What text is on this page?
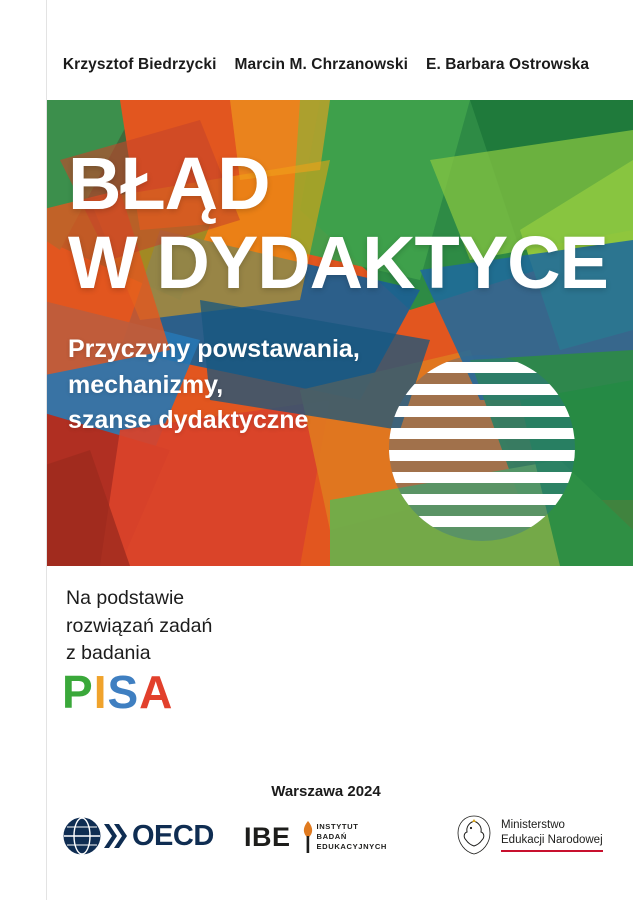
Krzysztof Biedrzycki Marcin M. Chrzanowski E. Barbara Ostrowska
BŁĄD
W DYDAKTYCE
Przyczyny powstawania,
mechanizmy,
szanse dydaktyczne
Na podstawie
rozwiązań zadań
z badania
PISA
Warszawa 2024
OECD IBE	INSTYTUT
BADAŃ
EDUKACYJNYCH
Ministerstwo
Edukacji Narodowej
